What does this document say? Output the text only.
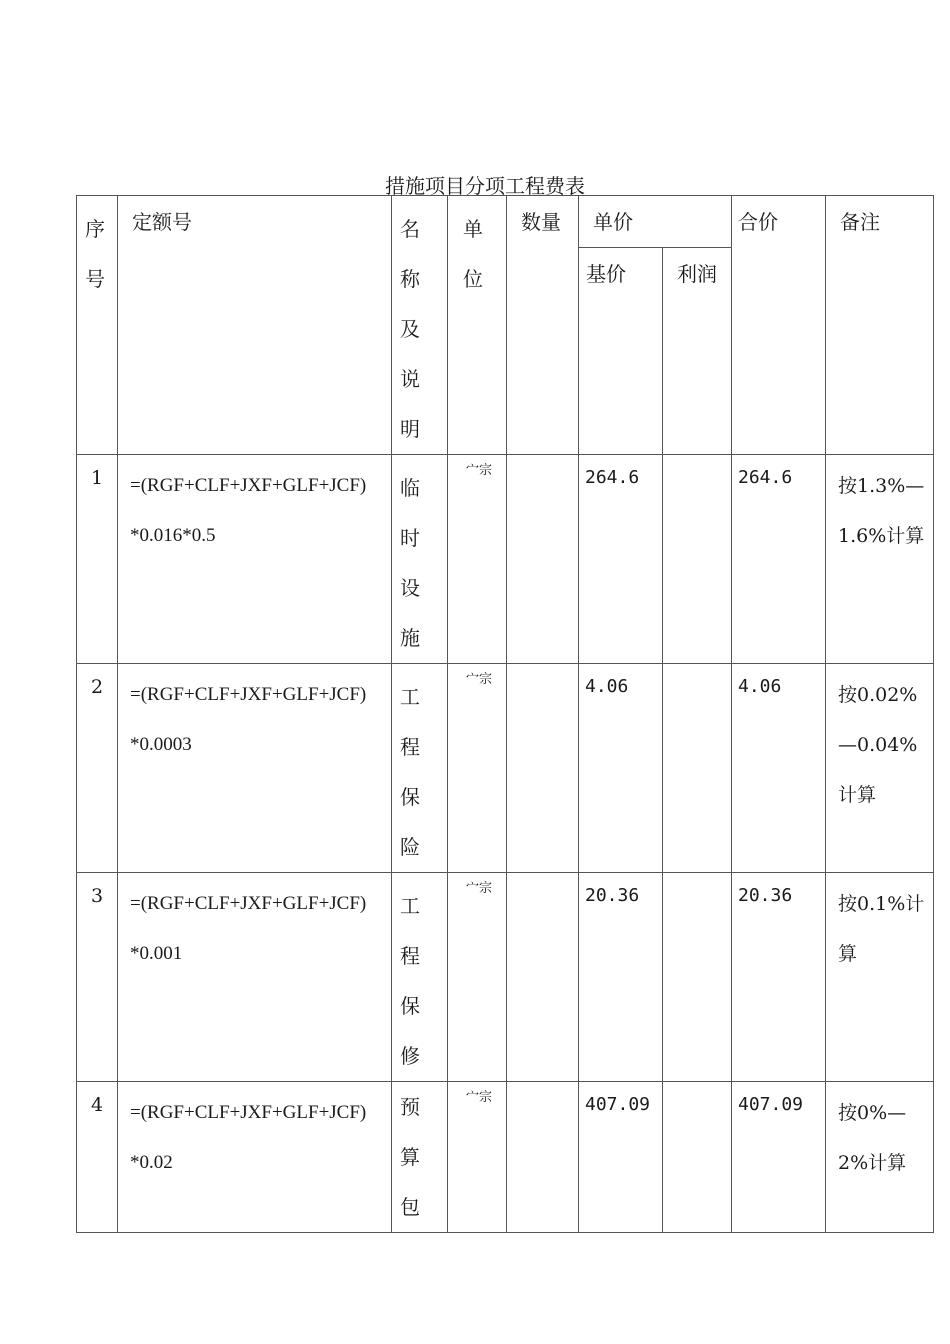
措施项目分项工程费表
序号	定额号	名称及说明	单位	数量	单价		合价	备注

					基价	利润		

1	=(RGF+CLF+JXF+GLF+JCF)
*0.016*0.5	临时设施	宀宗		264.6		264.6	按1.3%—1.6%计算

2	=(RGF+CLF+JXF+GLF+JCF)
*0.0003	工程保险	宀宗		4.06		4.06	按0.02%—0.04%计算

3	=(RGF+CLF+JXF+GLF+JCF)
*0.001	工程保修	宀宗		20.36		20.36	按0.1%计算

4	=(RGF+CLF+JXF+GLF+JCF)
*0.02	预算包	宀宗		407.09		407.09	按0%—2%计算
